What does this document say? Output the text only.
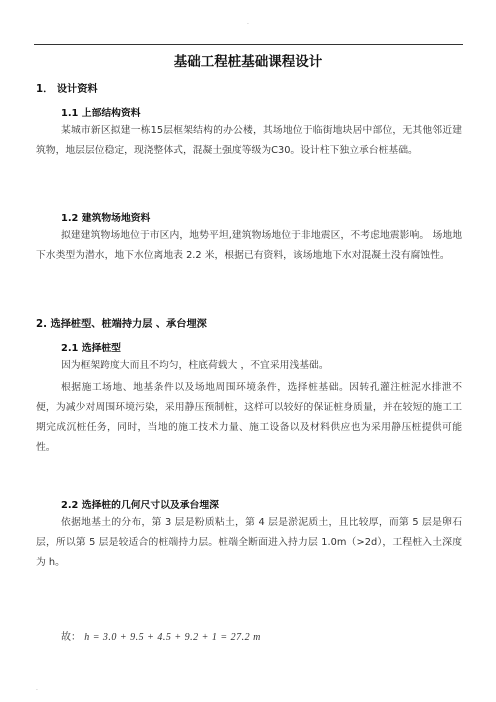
.
基础工程桩基础课程设计
1． 设计资料
1.1 上部结构资料
某城市新区拟建一栋15层框架结构的办公楼，其场地位于临街地块居中部位，无其他邻近建筑物，地层层位稳定，现浇整体式，混凝土强度等级为C30。设计柱下独立承台桩基础。
1.2 建筑物场地资料
拟建建筑物场地位于市区内，地势平坦,建筑物场地位于非地震区，不考虑地震影响。 场地地下水类型为潜水，地下水位离地表 2.2 米，根据已有资料，该场地地下水对混凝土没有腐蚀性。
2. 选择桩型、桩端持力层 、承台埋深
2.1 选择桩型
因为框架跨度大而且不均匀，柱底荷载大 ，不宜采用浅基础。
根据施工场地、地基条件以及场地周围环境条件，选择桩基础。因转孔灌注桩泥水排泄不便，为减少对周围环境污染，采用静压预制桩，这样可以较好的保证桩身质量，并在较短的施工工期完成沉桩任务，同时，当地的施工技术力量、施工设备以及材料供应也为采用静压桩提供可能性。
2.2 选择桩的几何尺寸以及承台埋深
依据地基土的分布，第 3 层是粉质粘土，第 4 层是淤泥质土，且比较厚，而第 5 层是卵石层，所以第 5 层是较适合的桩端持力层。桩端全断面进入持力层 1.0m（>2d），工程桩入土深度为 h。
故： h = 3.0 + 9.5 + 4.5 + 9.2 + 1 = 27.2 m
.
